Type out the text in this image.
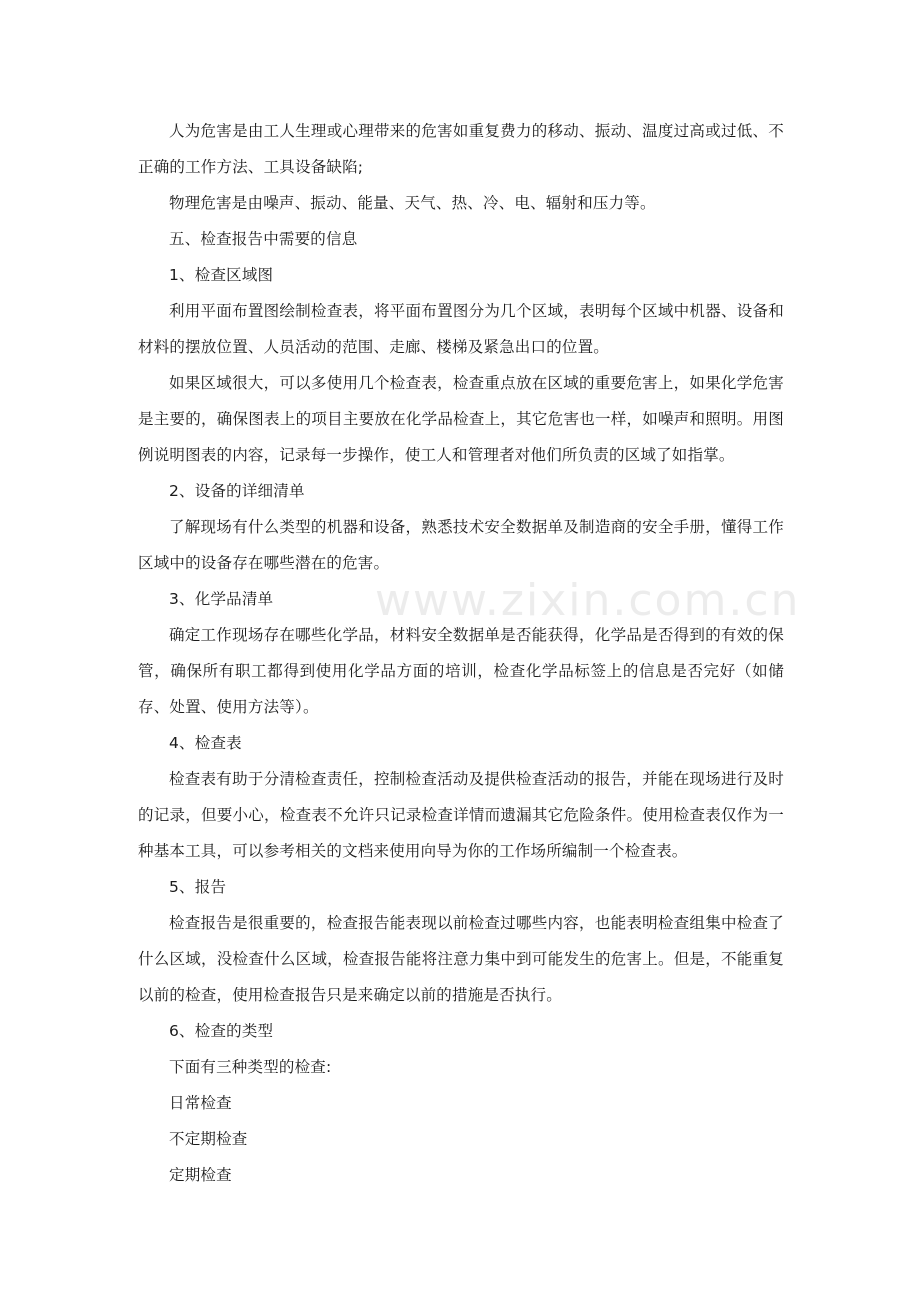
www.zixin.com.cn

人为危害是由工人生理或心理带来的危害如重复费力的移动、振动、温度过高或过低、不正确的工作方法、工具设备缺陷;

物理危害是由噪声、振动、能量、天气、热、冷、电、辐射和压力等。

五、检查报告中需要的信息

1、检查区域图

利用平面布置图绘制检查表，将平面布置图分为几个区域，表明每个区域中机器、设备和材料的摆放位置、人员活动的范围、走廊、楼梯及紧急出口的位置。

如果区域很大，可以多使用几个检查表，检查重点放在区域的重要危害上，如果化学危害是主要的，确保图表上的项目主要放在化学品检查上，其它危害也一样，如噪声和照明。用图例说明图表的内容，记录每一步操作，使工人和管理者对他们所负责的区域了如指掌。

2、设备的详细清单

了解现场有什么类型的机器和设备，熟悉技术安全数据单及制造商的安全手册，懂得工作区域中的设备存在哪些潜在的危害。

3、化学品清单

确定工作现场存在哪些化学品，材料安全数据单是否能获得，化学品是否得到的有效的保管，确保所有职工都得到使用化学品方面的培训，检查化学品标签上的信息是否完好（如储存、处置、使用方法等）。

4、检查表

检查表有助于分清检查责任，控制检查活动及提供检查活动的报告，并能在现场进行及时的记录，但要小心，检查表不允许只记录检查详情而遗漏其它危险条件。使用检查表仅作为一种基本工具，可以参考相关的文档来使用向导为你的工作场所编制一个检查表。

5、报告

检查报告是很重要的，检查报告能表现以前检查过哪些内容，也能表明检查组集中检查了什么区域，没检查什么区域，检查报告能将注意力集中到可能发生的危害上。但是，不能重复以前的检查，使用检查报告只是来确定以前的措施是否执行。

6、检查的类型

下面有三种类型的检查:

日常检查

不定期检查

定期检查
